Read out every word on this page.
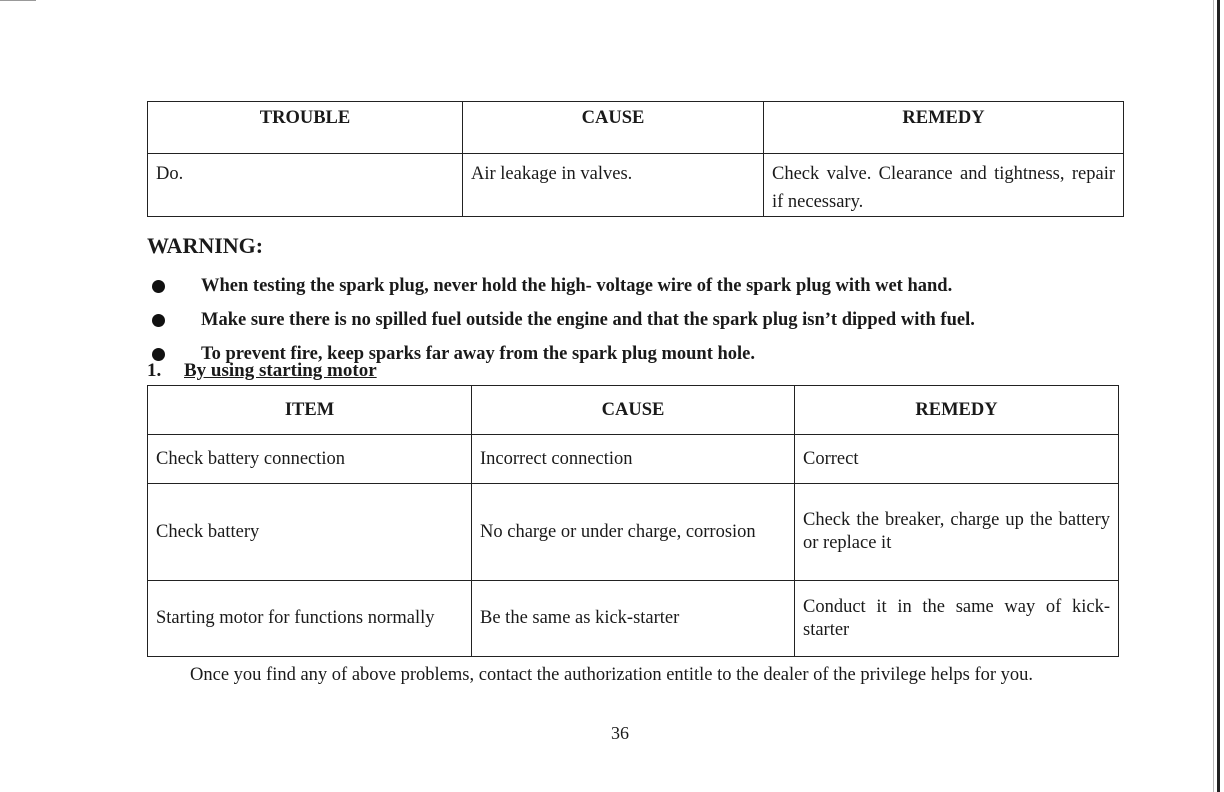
TROUBLE	CAUSE	REMEDY
Do.	Air leakage in valves.	Check valve. Clearance and tightness, repair if necessary.
WARNING:
When testing the spark plug, never hold the high- voltage wire of the spark plug with wet hand.
Make sure there is no spilled fuel outside the engine and that the spark plug isn’t dipped with fuel.
To prevent fire, keep sparks far away from the spark plug mount hole.
1. By using starting motor
ITEM	CAUSE	REMEDY
Check battery connection	Incorrect connection	Correct
Check battery	No charge or under charge, corrosion	Check the breaker, charge up the battery or replace it
Starting motor for functions normally	Be the same as kick-starter	Conduct it in the same way of kick-starter

Once you find any of above problems, contact the authorization entitle to the dealer of the privilege helps for you.

36
